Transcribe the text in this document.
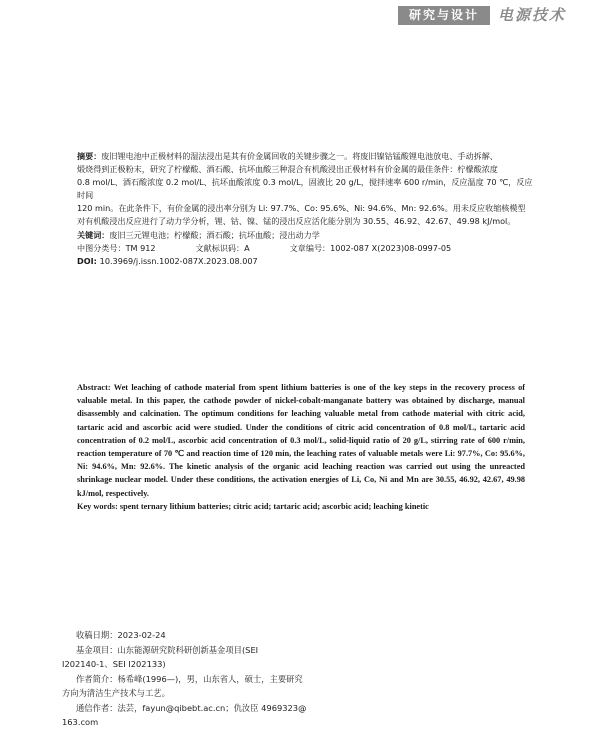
研究与设计	电源技术

摘要：废旧锂电池中正极材料的湿法浸出是其有价金属回收的关键步骤之一。将废旧镍钴锰酸锂电池放电、手动拆解、

煅烧得到正极粉末，研究了柠檬酸、酒石酸、抗坏血酸三种混合有机酸浸出正极材料有价金属的最佳条件：柠檬酸浓度

0.8 mol/L、酒石酸浓度 0.2 mol/L、抗坏血酸浓度 0.3 mol/L，固液比 20 g/L，搅拌速率 600 r/min，反应温度 70 ℃，反应时间

120 min。在此条件下，有价金属的浸出率分别为 Li: 97.7%、Co: 95.6%、Ni: 94.6%、Mn: 92.6%。用未反应收缩核模型

对有机酸浸出反应进行了动力学分析，锂、钴、镍、锰的浸出反应活化能分别为 30.55、46.92、42.67、49.98 kJ/mol。

关键词：废旧三元锂电池；柠檬酸；酒石酸；抗坏血酸；浸出动力学

中图分类号：TM 912	文献标识码：A	文章编号：1002-087 X(2023)08-0997-05

DOI: 10.3969/j.issn.1002-087X.2023.08.007

Abstract: Wet leaching of cathode material from spent lithium batteries is one of the key steps in the recovery process of valuable metal. In this paper, the cathode powder of nickel-cobalt-manganate battery was obtained by discharge, manual disassembly and calcination. The optimum conditions for leaching valuable metal from cathode material with citric acid, tartaric acid and ascorbic acid were studied. Under the conditions of citric acid concentration of 0.8 mol/L, tartaric acid concentration of 0.2 mol/L, ascorbic acid concentration of 0.3 mol/L, solid-liquid ratio of 20 g/L, stirring rate of 600 r/min, reaction temperature of 70 ℃ and reaction time of 120 min, the leaching rates of valuable metals were Li: 97.7%, Co: 95.6%, Ni: 94.6%, Mn: 92.6%. The kinetic analysis of the organic acid leaching reaction was carried out using the unreacted shrinkage nuclear model. Under these conditions, the activation energies of Li, Co, Ni and Mn are 30.55, 46.92, 42.67, 49.98 kJ/mol, respectively.

Key words: spent ternary lithium batteries; citric acid; tartaric acid; ascorbic acid; leaching kinetic

收稿日期：2023-02-24

基金项目：山东能源研究院科研创新基金项目(SEI

I202140-1、SEI I202133)

作者简介：杨希峰(1996—)，男，山东省人，硕士，主要研究

方向为清洁生产技术与工艺。

通信作者：法芸，fayun@qibebt.ac.cn；仇汝臣 4969323@

163.com
